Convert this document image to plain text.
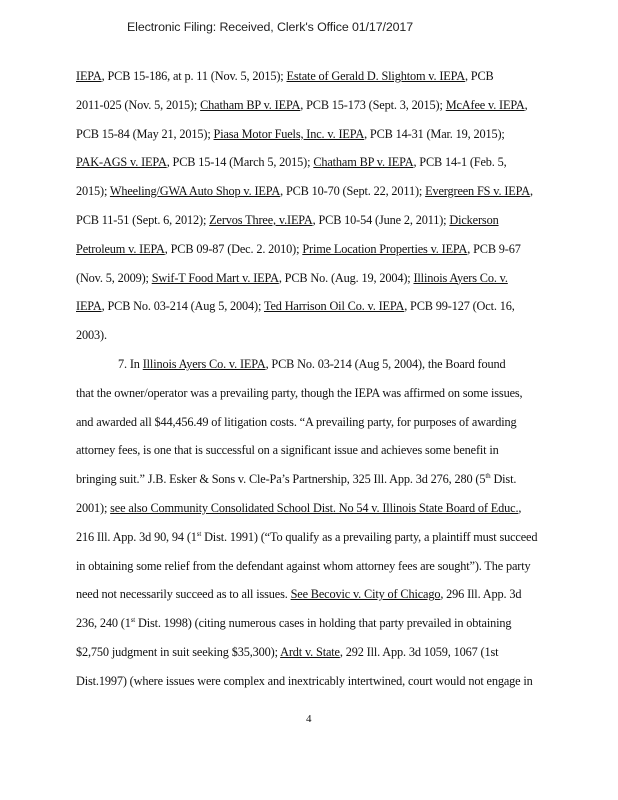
Electronic Filing: Received, Clerk's Office 01/17/2017
IEPA, PCB 15-186, at p. 11 (Nov. 5, 2015); Estate of Gerald D. Slightom v. IEPA, PCB
2011-025 (Nov. 5, 2015); Chatham BP v. IEPA, PCB 15-173 (Sept. 3, 2015); McAfee v. IEPA,
PCB 15-84 (May 21, 2015); Piasa Motor Fuels, Inc. v. IEPA, PCB 14-31 (Mar. 19, 2015);
PAK-AGS v. IEPA, PCB 15-14 (March 5, 2015); Chatham BP v. IEPA, PCB 14-1 (Feb. 5,
2015); Wheeling/GWA Auto Shop v. IEPA, PCB 10-70 (Sept. 22, 2011); Evergreen FS v. IEPA,
PCB 11-51 (Sept. 6, 2012); Zervos Three, v.IEPA, PCB 10-54 (June 2, 2011); Dickerson
Petroleum v. IEPA, PCB 09-87 (Dec. 2. 2010); Prime Location Properties v. IEPA, PCB 9-67
(Nov. 5, 2009); Swif-T Food Mart v. IEPA, PCB No. (Aug. 19, 2004); Illinois Ayers Co. v.
IEPA, PCB No. 03-214 (Aug 5, 2004); Ted Harrison Oil Co. v. IEPA, PCB 99-127 (Oct. 16,
2003).
7. In Illinois Ayers Co. v. IEPA, PCB No. 03-214 (Aug 5, 2004), the Board found
that the owner/operator was a prevailing party, though the IEPA was affirmed on some issues,
and awarded all $44,456.49 of litigation costs. “A prevailing party, for purposes of awarding
attorney fees, is one that is successful on a significant issue and achieves some benefit in
bringing suit.” J.B. Esker & Sons v. Cle-Pa’s Partnership, 325 Ill. App. 3d 276, 280 (5th Dist.
2001); see also Community Consolidated School Dist. No 54 v. Illinois State Board of Educ.,
216 Ill. App. 3d 90, 94 (1st Dist. 1991) (“To qualify as a prevailing party, a plaintiff must succeed
in obtaining some relief from the defendant against whom attorney fees are sought”). The party
need not necessarily succeed as to all issues. See Becovic v. City of Chicago, 296 Ill. App. 3d
236, 240 (1st Dist. 1998) (citing numerous cases in holding that party prevailed in obtaining
$2,750 judgment in suit seeking $35,300); Ardt v. State, 292 Ill. App. 3d 1059, 1067 (1st
Dist.1997) (where issues were complex and inextricably intertwined, court would not engage in
4
